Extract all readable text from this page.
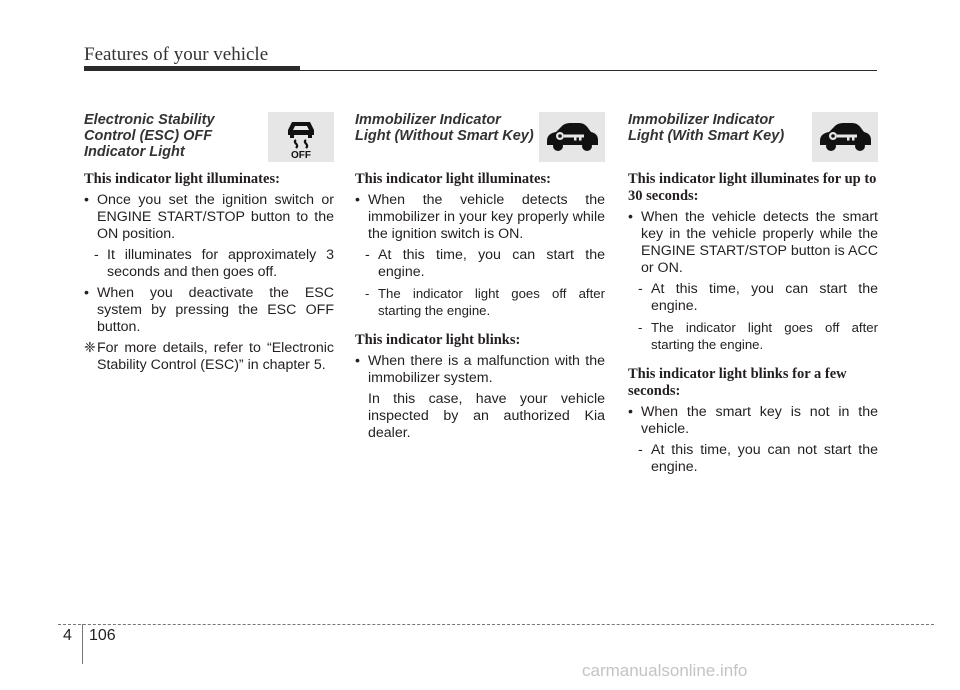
Features of your vehicle
Electronic Stability
Control (ESC) OFF
Indicator Light	OFF

This indicator light illuminates:

• Once you set the ignition switch or ENGINE START/STOP button to the ON position.
- It illuminates for approximately 3 seconds and then goes off.
• When you deactivate the ESC system by pressing the ESC OFF button.
❈ For more details, refer to “Electronic Stability Control (ESC)” in chapter 5.
Immobilizer Indicator
Light (Without Smart Key)

This indicator light illuminates:

• When the vehicle detects the immobilizer in your key properly while the ignition switch is ON.
- At this time, you can start the engine.
- The indicator light goes off after starting the engine.

This indicator light blinks:

• When there is a malfunction with the immobilizer system.
In this case, have your vehicle inspected by an authorized Kia dealer.
Immobilizer Indicator
Light (With Smart Key)

This indicator light illuminates for up to 30 seconds:

• When the vehicle detects the smart key in the vehicle properly while the ENGINE START/STOP button is ACC or ON.
- At this time, you can start the engine.
- The indicator light goes off after starting the engine.

This indicator light blinks for a few seconds:

• When the smart key is not in the vehicle.
- At this time, you can not start the engine.
4 106
carmanualsonline.info
